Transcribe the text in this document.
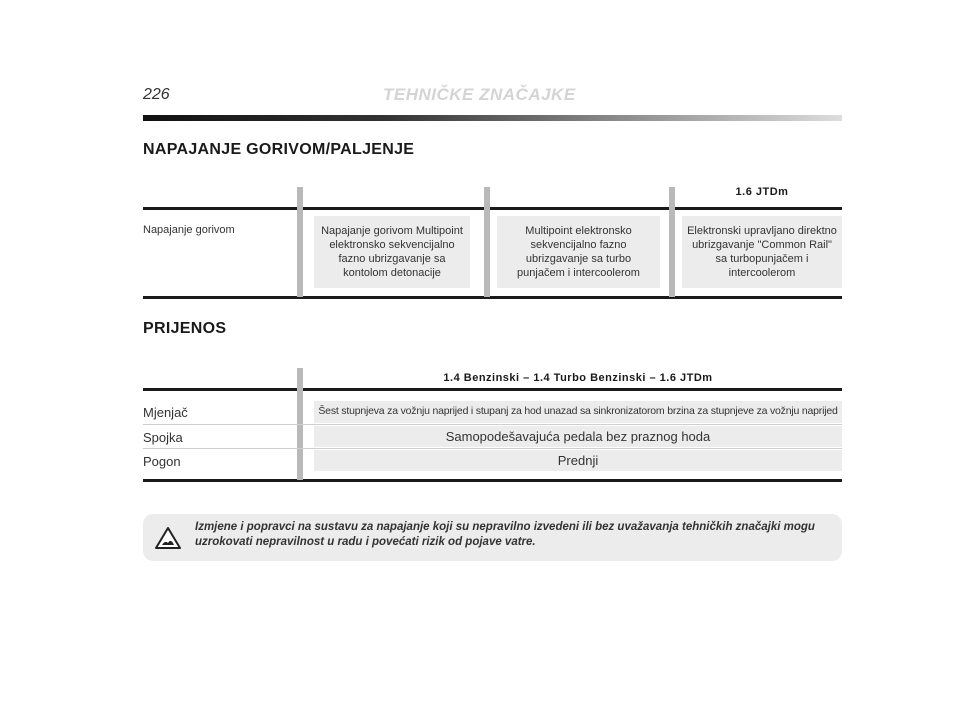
226	TEHNIČKE ZNAČAJKE
NAPAJANJE GORIVOM/PALJENJE
1.6 JTDm
Napajanje gorivom	Napajanje gorivom Multipoint elektronsko sekvencijalno fazno ubrizgavanje sa kontolom detonacije
Multipoint elektronsko sekvencijalno fazno ubrizgavanje sa turbo punjačem i intercoolerom
Elektronski upravljano direktno ubrizgavanje "Common Rail" sa turbopunjačem i intercoolerom
PRIJENOS
1.4 Benzinski – 1.4 Turbo Benzinski – 1.6 JTDm
Mjenjač
Spojka
Pogon
Šest stupnjeva za vožnju naprijed i stupanj za hod unazad sa sinkronizatorom brzina za stupnjeve za vožnju naprijed
Samopodešavajuća pedala bez praznog hoda
Prednji
Izmjene i popravci na sustavu za napajanje koji su nepravilno izvedeni ili bez uvažavanja tehničkih značajki mogu uzrokovati nepravilnost u radu i povećati rizik od pojave vatre.
